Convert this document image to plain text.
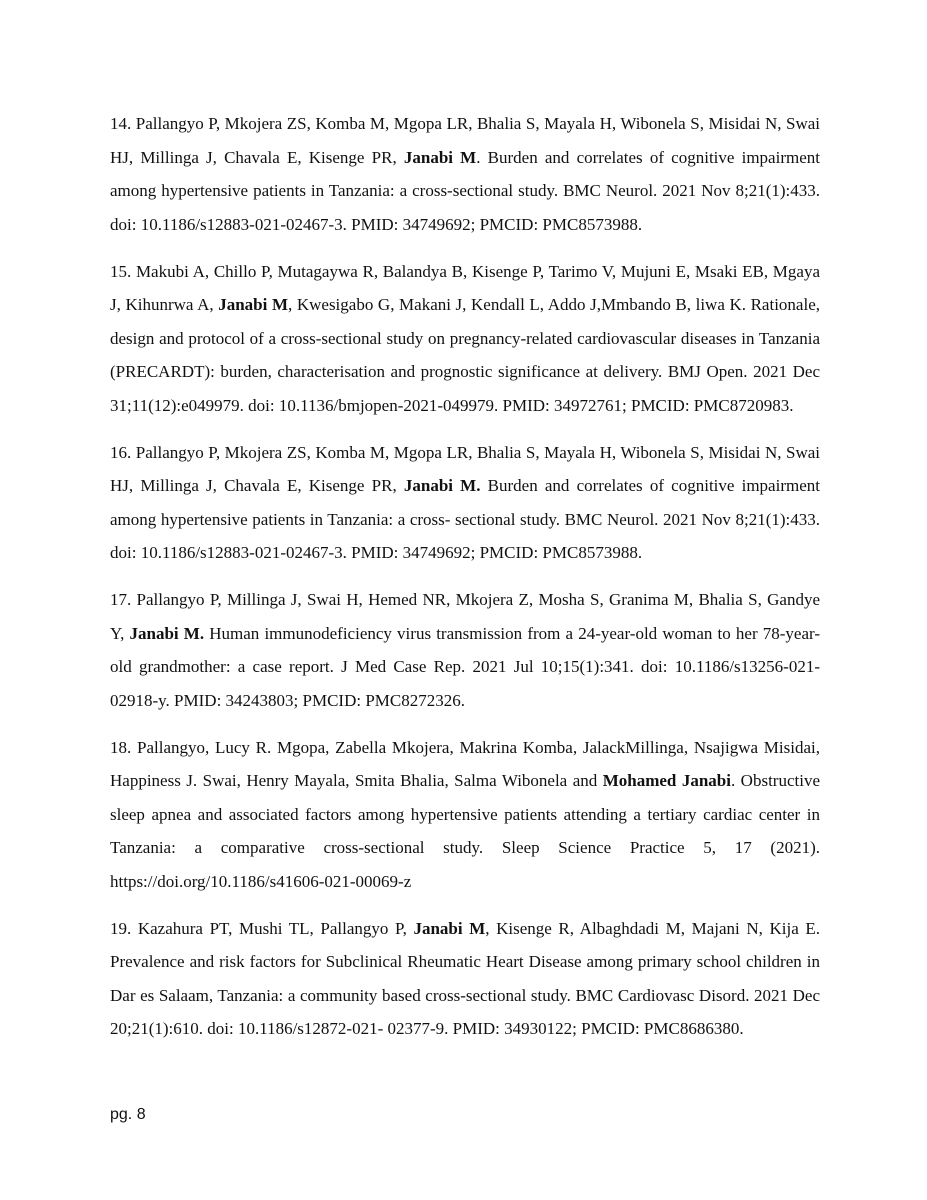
14. Pallangyo P, Mkojera ZS, Komba M, Mgopa LR, Bhalia S, Mayala H, Wibonela S, Misidai N, Swai HJ, Millinga J, Chavala E, Kisenge PR, Janabi M. Burden and correlates of cognitive impairment among hypertensive patients in Tanzania: a cross-sectional study. BMC Neurol. 2021 Nov 8;21(1):433. doi: 10.1186/s12883-021-02467-3. PMID: 34749692; PMCID: PMC8573988.

15. Makubi A, Chillo P, Mutagaywa R, Balandya B, Kisenge P, Tarimo V, Mujuni E, Msaki EB, Mgaya J, Kihunrwa A, Janabi M, Kwesigabo G, Makani J, Kendall L, Addo J,Mmbando B, liwa K. Rationale, design and protocol of a cross-sectional study on pregnancy-related cardiovascular diseases in Tanzania (PRECARDT): burden, characterisation and prognostic significance at delivery. BMJ Open. 2021 Dec 31;11(12):e049979. doi: 10.1136/bmjopen-2021-049979. PMID: 34972761; PMCID: PMC8720983.

16. Pallangyo P, Mkojera ZS, Komba M, Mgopa LR, Bhalia S, Mayala H, Wibonela S, Misidai N, Swai HJ, Millinga J, Chavala E, Kisenge PR, Janabi M. Burden and correlates of cognitive impairment among hypertensive patients in Tanzania: a cross- sectional study. BMC Neurol. 2021 Nov 8;21(1):433. doi: 10.1186/s12883-021-02467-3. PMID: 34749692; PMCID: PMC8573988.

17. Pallangyo P, Millinga J, Swai H, Hemed NR, Mkojera Z, Mosha S, Granima M, Bhalia S, Gandye Y, Janabi M. Human immunodeficiency virus transmission from a 24-year-old woman to her 78-year-old grandmother: a case report. J Med Case Rep. 2021 Jul 10;15(1):341. doi: 10.1186/s13256-021-02918-y. PMID: 34243803; PMCID: PMC8272326.

18. Pallangyo, Lucy R. Mgopa, Zabella Mkojera, Makrina Komba, JalackMillinga, Nsajigwa Misidai, Happiness J. Swai, Henry Mayala, Smita Bhalia, Salma Wibonela and Mohamed Janabi. Obstructive sleep apnea and associated factors among hypertensive patients attending a tertiary cardiac center in Tanzania: a comparative cross-sectional study. Sleep Science Practice 5, 17 (2021). https://doi.org/10.1186/s41606-021-00069-z

19. Kazahura PT, Mushi TL, Pallangyo P, Janabi M, Kisenge R, Albaghdadi M, Majani N, Kija E. Prevalence and risk factors for Subclinical Rheumatic Heart Disease among primary school children in Dar es Salaam, Tanzania: a community based cross-sectional study. BMC Cardiovasc Disord. 2021 Dec 20;21(1):610. doi: 10.1186/s12872-021- 02377-9. PMID: 34930122; PMCID: PMC8686380.

pg. 8
